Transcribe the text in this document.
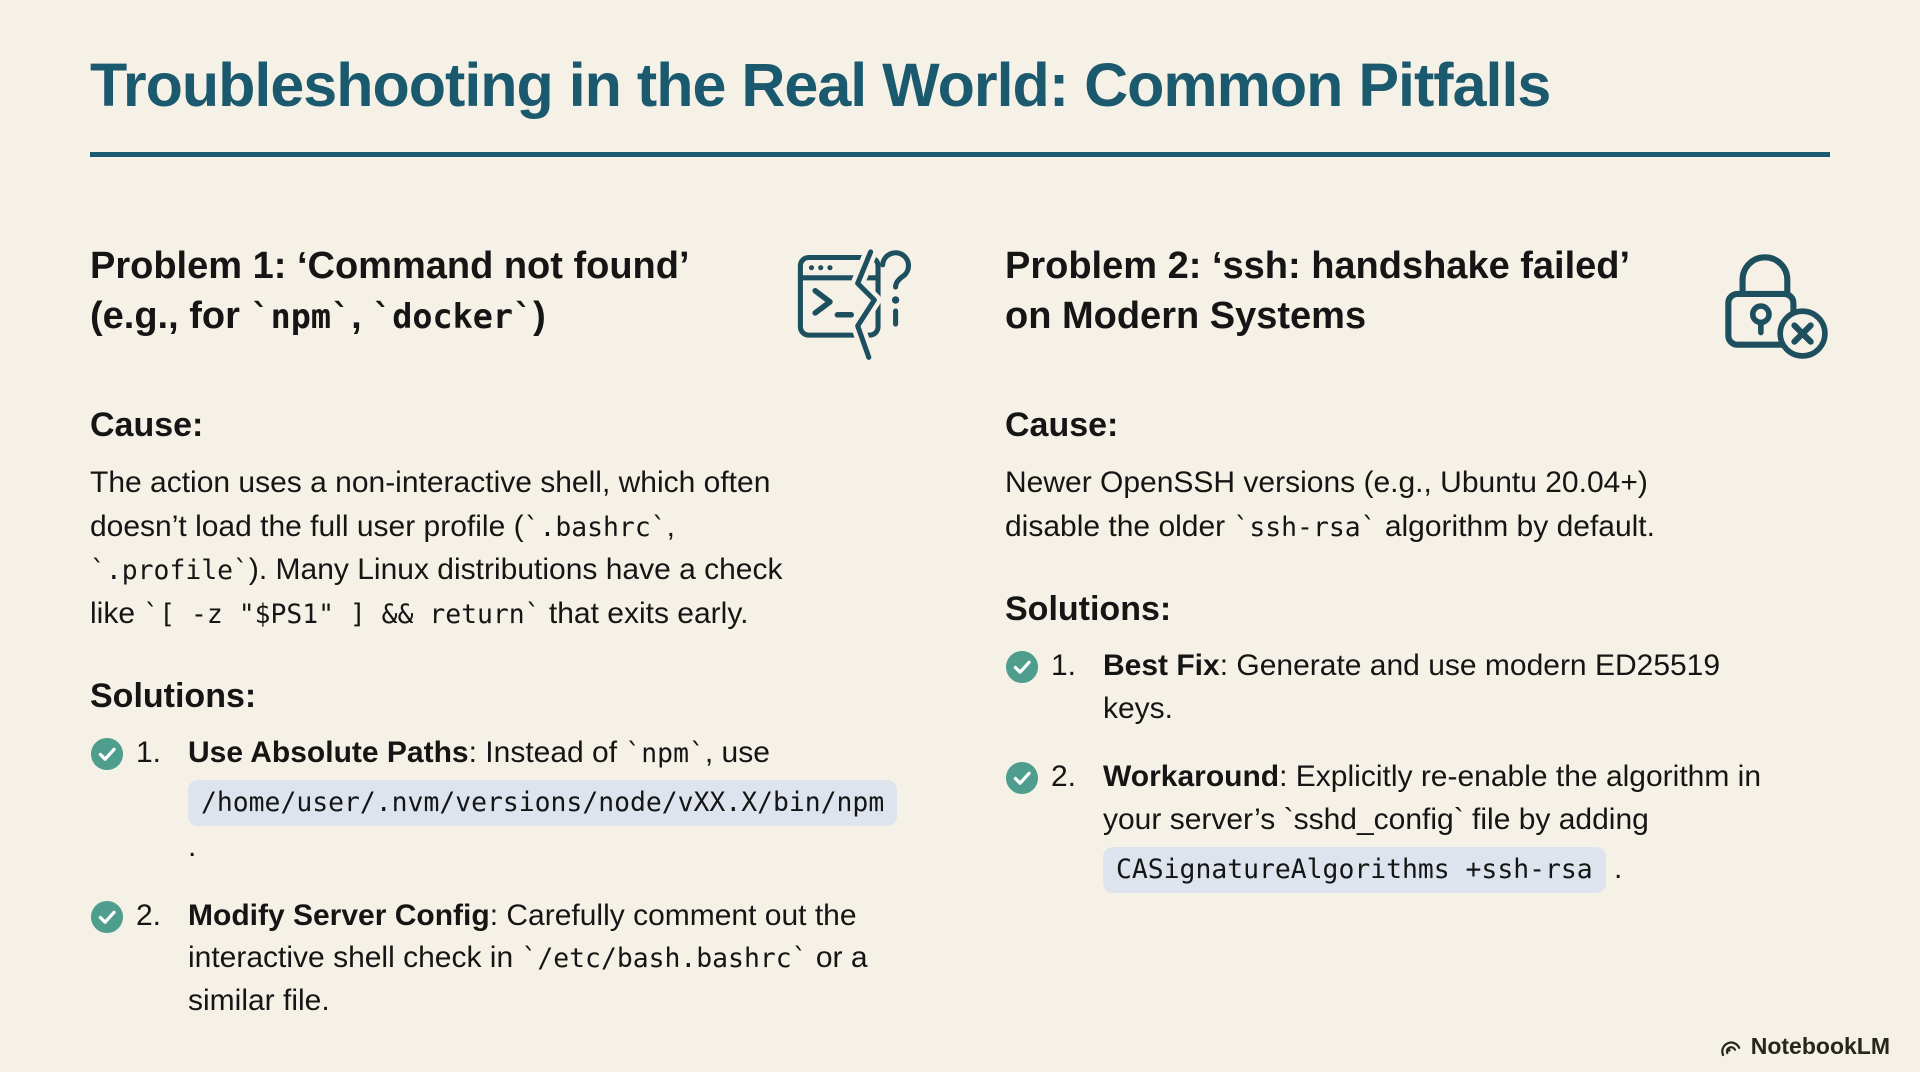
Troubleshooting in the Real World: Common Pitfalls
Problem 1: ‘Command not found’ (e.g., for `npm`, `docker`)
Cause:

The action uses a non-interactive shell, which often doesn’t load the full user profile (`.bashrc`, `.profile`). Many Linux distributions have a check like `[ -z "$PS1" ] && return` that exits early.

Solutions:
1. Use Absolute Paths: Instead of `npm`, use /home/user/.nvm/versions/node/vXX.X/bin/npm .
2. Modify Server Config: Carefully comment out the interactive shell check in `/etc/bash.bashrc` or a similar file.
Problem 2: ‘ssh: handshake failed’ on Modern Systems
Cause:

Newer OpenSSH versions (e.g., Ubuntu 20.04+) disable the older `ssh-rsa` algorithm by default.

Solutions:
1. Best Fix: Generate and use modern ED25519 keys.
2. Workaround: Explicitly re-enable the algorithm in your server’s `sshd_config` file by adding CASignatureAlgorithms +ssh-rsa .
NotebookLM
